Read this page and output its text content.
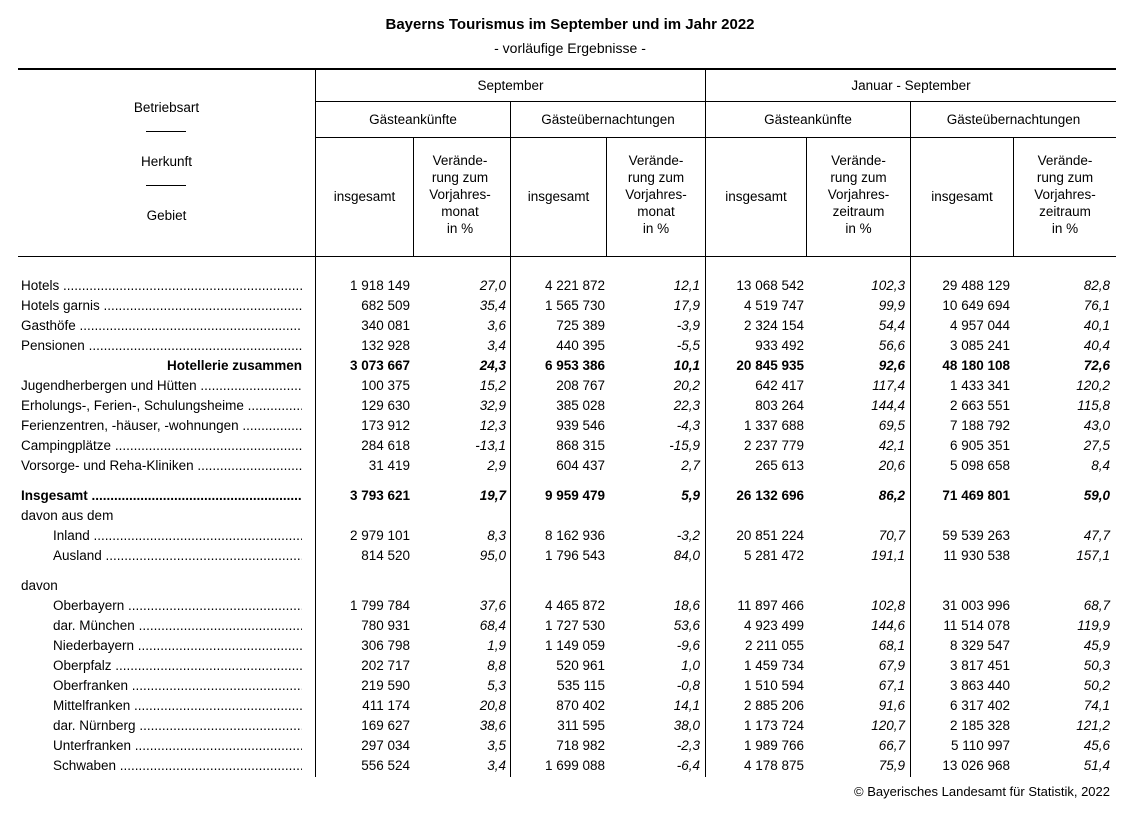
Bayerns Tourismus im September und im Jahr 2022
- vorläufige Ergebnisse -
Betriebsart
Herkunft
Gebiet
September	Januar - September
Gästeankünfte	Gästeübernachtungen	Gästeankünfte	Gästeübernachtungen
insgesamt
Verände-
rung zum
Vorjahres-
monat
in %
insgesamt
Verände-
rung zum
Vorjahres-
monat
in %
insgesamt
Verände-
rung zum
Vorjahres-
zeitraum
in %
insgesamt
Verände-
rung zum
Vorjahres-
zeitraum
in %
Hotels .....	1 918 149	27,0	4 221 872	12,1	13 068 542	102,3	29 488 129	82,8
Hotels garnis .....	682 509	35,4	1 565 730	17,9	4 519 747	99,9	10 649 694	76,1
Gasthöfe .....	340 081	3,6	725 389	-3,9	2 324 154	54,4	4 957 044	40,1
Pensionen .....	132 928	3,4	440 395	-5,5	933 492	56,6	3 085 241	40,4
Hotellerie zusammen	3 073 667	24,3	6 953 386	10,1	20 845 935	92,6	48 180 108	72,6
Jugendherbergen und Hütten .....	100 375	15,2	208 767	20,2	642 417	117,4	1 433 341	120,2
Erholungs-, Ferien-, Schulungsheime .....	129 630	32,9	385 028	22,3	803 264	144,4	2 663 551	115,8
Ferienzentren, -häuser, -wohnungen .....	173 912	12,3	939 546	-4,3	1 337 688	69,5	7 188 792	43,0
Campingplätze .....	284 618	-13,1	868 315	-15,9	2 237 779	42,1	6 905 351	27,5
Vorsorge- und Reha-Kliniken .....	31 419	2,9	604 437	2,7	265 613	20,6	5 098 658	8,4
Insgesamt .....	3 793 621	19,7	9 959 479	5,9	26 132 696	86,2	71 469 801	59,0
davon aus dem
Inland .....	2 979 101	8,3	8 162 936	-3,2	20 851 224	70,7	59 539 263	47,7
Ausland .....	814 520	95,0	1 796 543	84,0	5 281 472	191,1	11 930 538	157,1
davon
Oberbayern .....	1 799 784	37,6	4 465 872	18,6	11 897 466	102,8	31 003 996	68,7
dar. München .....	780 931	68,4	1 727 530	53,6	4 923 499	144,6	11 514 078	119,9
Niederbayern .....	306 798	1,9	1 149 059	-9,6	2 211 055	68,1	8 329 547	45,9
Oberpfalz .....	202 717	8,8	520 961	1,0	1 459 734	67,9	3 817 451	50,3
Oberfranken .....	219 590	5,3	535 115	-0,8	1 510 594	67,1	3 863 440	50,2
Mittelfranken .....	411 174	20,8	870 402	14,1	2 885 206	91,6	6 317 402	74,1
dar. Nürnberg .....	169 627	38,6	311 595	38,0	1 173 724	120,7	2 185 328	121,2
Unterfranken .....	297 034	3,5	718 982	-2,3	1 989 766	66,7	5 110 997	45,6
Schwaben .....	556 524	3,4	1 699 088	-6,4	4 178 875	75,9	13 026 968	51,4
© Bayerisches Landesamt für Statistik, 2022
